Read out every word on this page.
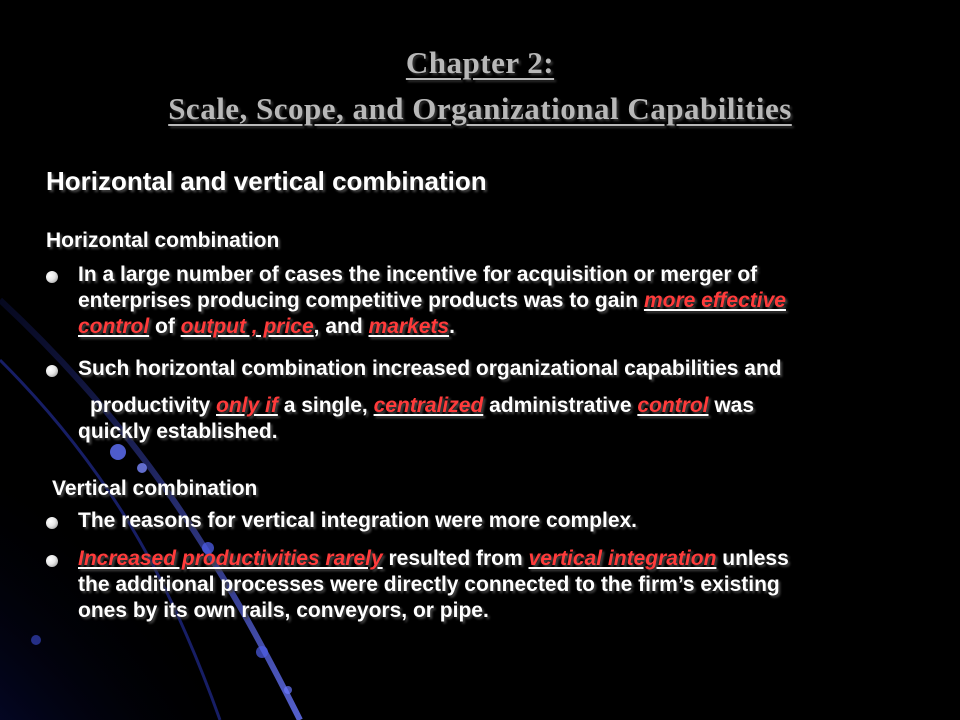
Chapter 2:
Scale, Scope, and Organizational Capabilities
Horizontal and vertical combination
Horizontal combination

In a large number of cases the incentive for acquisition or merger of
enterprises producing competitive products was to gain more effective
control of output , price, and markets.

Such horizontal combination increased organizational capabilities and

productivity only if a single, centralized administrative control was
quickly established.

Vertical combination

The reasons for vertical integration were more complex.

Increased productivities rarely resulted from vertical integration unless
the additional processes were directly connected to the firm’s existing
ones by its own rails, conveyors, or pipe.
